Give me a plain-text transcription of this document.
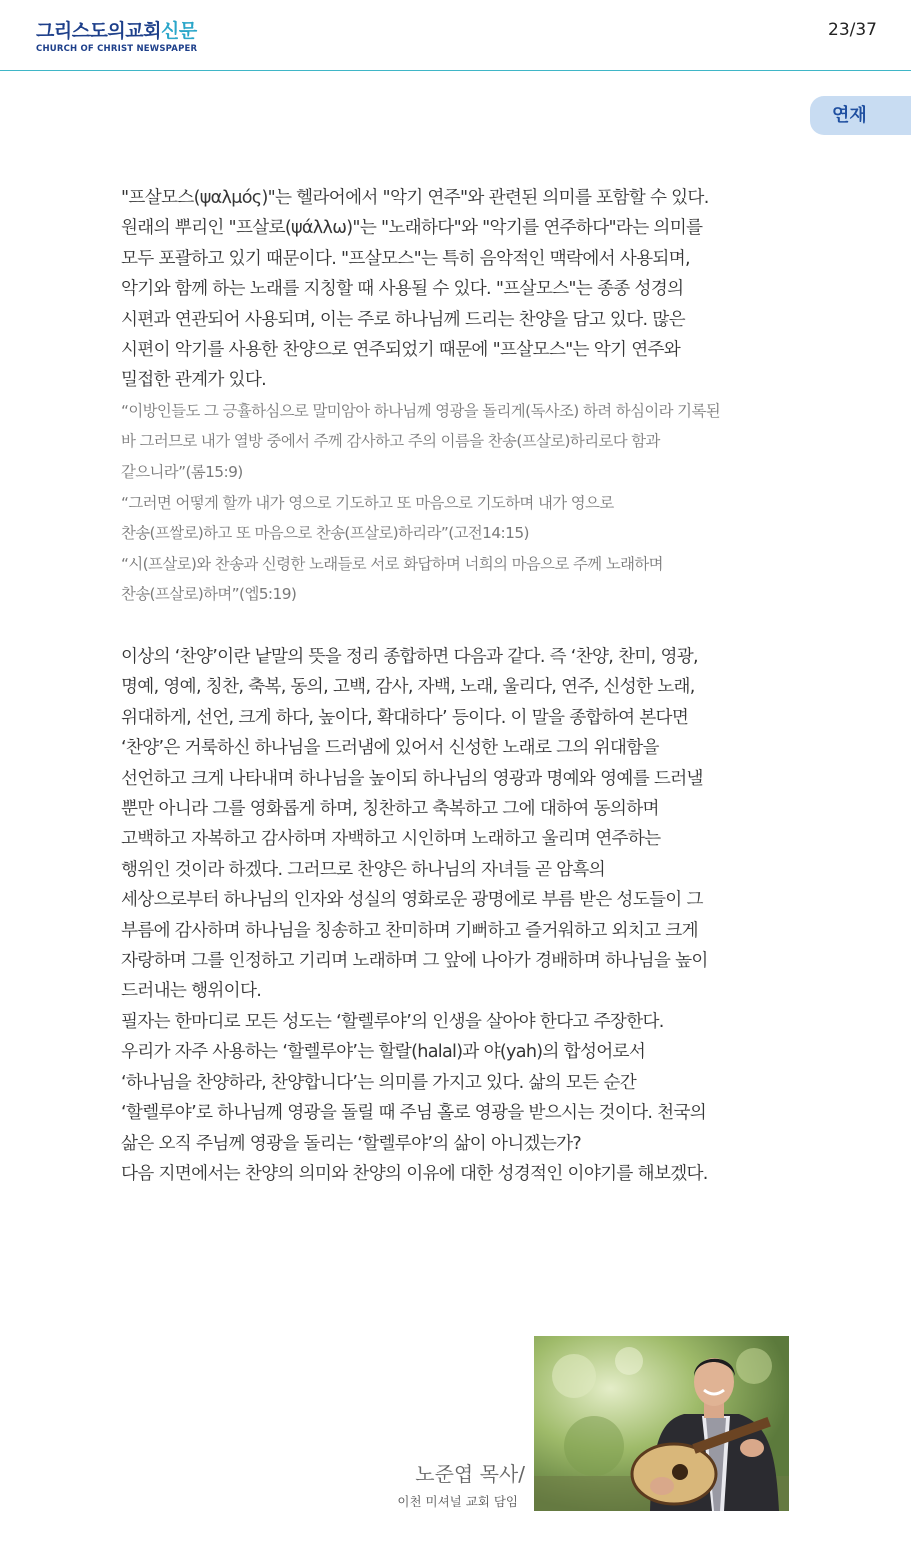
그리스도의교회신문
CHURCH OF CHRIST NEWSPAPER
23/37
연재

"프살모스(ψαλμός)"는 헬라어에서 "악기 연주"와 관련된 의미를 포함할 수 있다.

원래의 뿌리인 "프살로(ψάλλω)"는 "노래하다"와 "악기를 연주하다"라는 의미를

모두 포괄하고 있기 때문이다. "프살모스"는 특히 음악적인 맥락에서 사용되며,

악기와 함께 하는 노래를 지칭할 때 사용될 수 있다. "프살모스"는 종종 성경의

시편과 연관되어 사용되며, 이는 주로 하나님께 드리는 찬양을 담고 있다. 많은

시편이 악기를 사용한 찬양으로 연주되었기 때문에 "프살모스"는 악기 연주와

밀접한 관계가 있다.

“이방인들도 그 긍휼하심으로 말미암아 하나님께 영광을 돌리게(독사조) 하려 하심이라 기록된

바 그러므로 내가 열방 중에서 주께 감사하고 주의 이름을 찬송(프살로)하리로다 함과

같으니라”(롬15:9)

“그러면 어떻게 할까 내가 영으로 기도하고 또 마음으로 기도하며 내가 영으로

찬송(프쌀로)하고 또 마음으로 찬송(프살로)하리라”(고전14:15)

“시(프살로)와 찬송과 신령한 노래들로 서로 화답하며 너희의 마음으로 주께 노래하며

찬송(프살로)하며”(엡5:19)

이상의 ‘찬양’이란 낱말의 뜻을 정리 종합하면 다음과 같다. 즉 ‘찬양, 찬미, 영광,

명예, 영예, 칭찬, 축복, 동의, 고백, 감사, 자백, 노래, 울리다, 연주, 신성한 노래,

위대하게, 선언, 크게 하다, 높이다, 확대하다’ 등이다. 이 말을 종합하여 본다면

‘찬양’은 거룩하신 하나님을 드러냄에 있어서 신성한 노래로 그의 위대함을

선언하고 크게 나타내며 하나님을 높이되 하나님의 영광과 명예와 영예를 드러낼

뿐만 아니라 그를 영화롭게 하며, 칭찬하고 축복하고 그에 대하여 동의하며

고백하고 자복하고 감사하며 자백하고 시인하며 노래하고 울리며 연주하는

행위인 것이라 하겠다. 그러므로 찬양은 하나님의 자녀들 곧 암흑의

세상으로부터 하나님의 인자와 성실의 영화로운 광명에로 부름 받은 성도들이 그

부름에 감사하며 하나님을 칭송하고 찬미하며 기뻐하고 즐거워하고 외치고 크게

자랑하며 그를 인정하고 기리며 노래하며 그 앞에 나아가 경배하며 하나님을 높이

드러내는 행위이다.

필자는 한마디로 모든 성도는 ‘할렐루야’의 인생을 살아야 한다고 주장한다.

우리가 자주 사용하는 ‘할렐루야’는 할랄(halal)과 야(yah)의 합성어로서

‘하나님을 찬양하라, 찬양합니다’는 의미를 가지고 있다. 삶의 모든 순간

‘할렐루야’로 하나님께 영광을 돌릴 때 주님 홀로 영광을 받으시는 것이다. 천국의

삶은 오직 주님께 영광을 돌리는 ‘할렐루야’의 삶이 아니겠는가?

다음 지면에서는 찬양의 의미와 찬양의 이유에 대한 성경적인 이야기를 해보겠다.

노준엽 목사/
이천 미셔널 교회 담임
